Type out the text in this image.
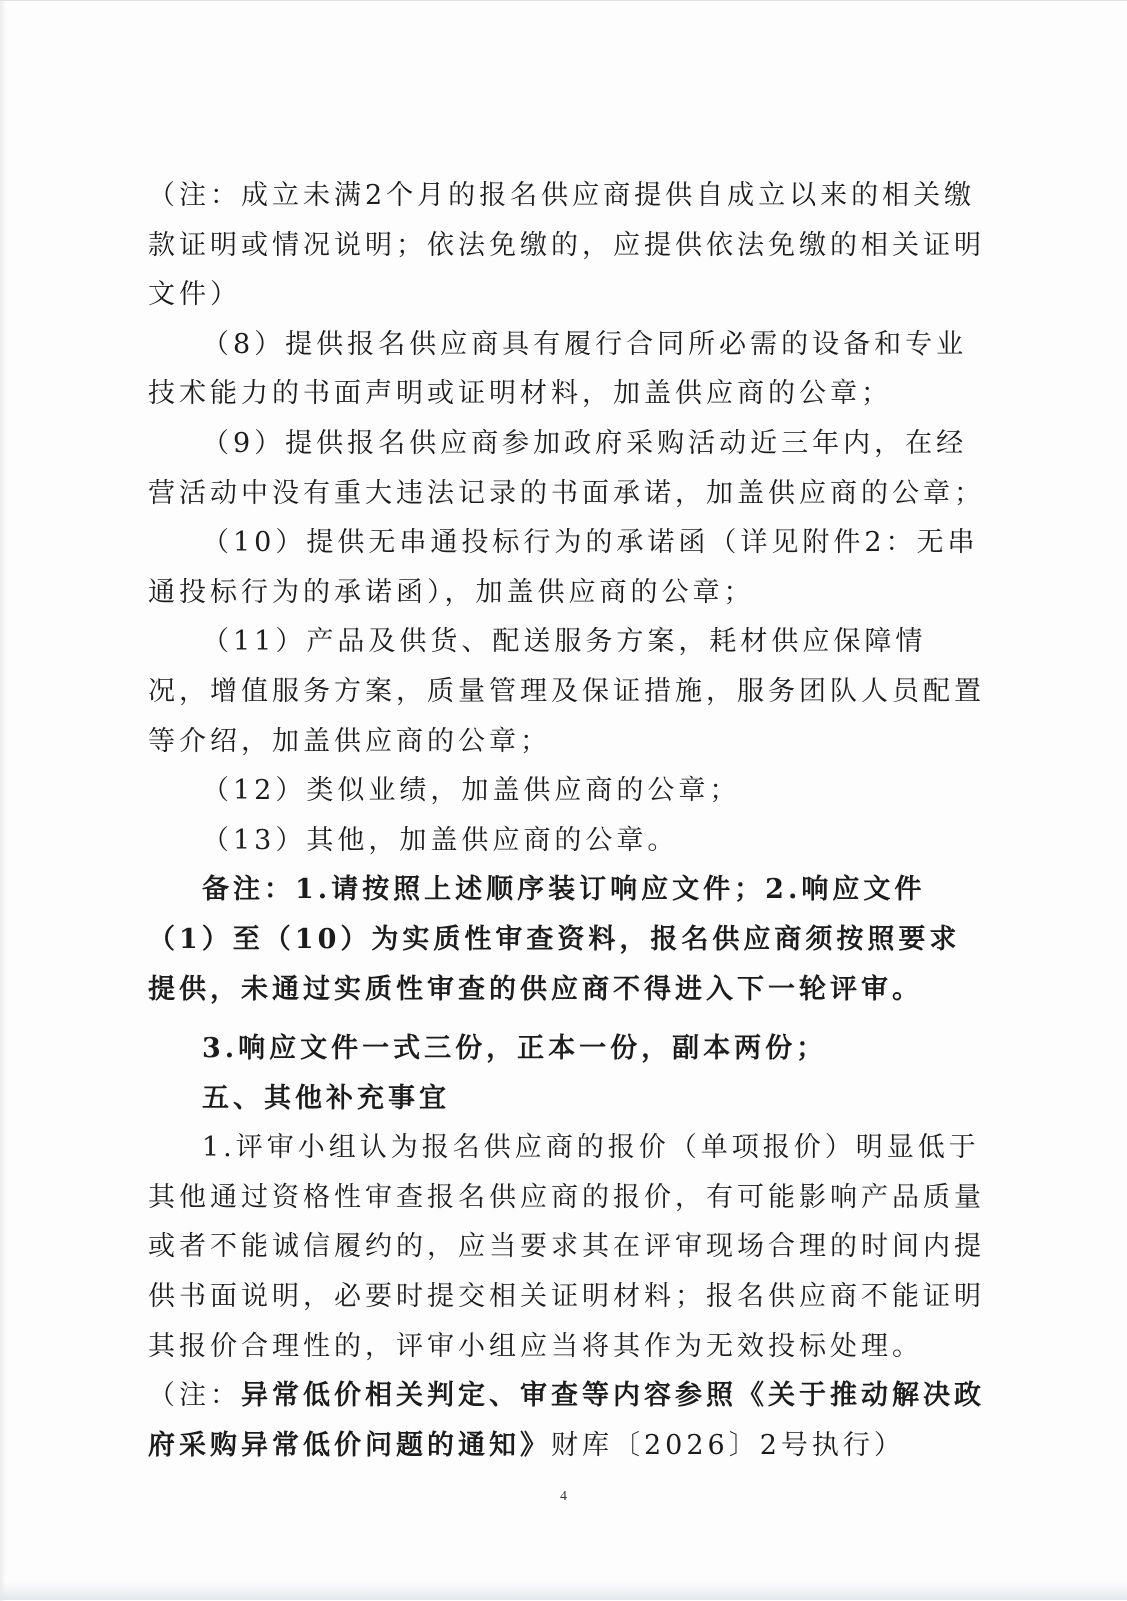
（注：成立未满2个月的报名供应商提供自成立以来的相关缴款证明或情况说明；依法免缴的，应提供依法免缴的相关证明文件）

（8）提供报名供应商具有履行合同所必需的设备和专业技术能力的书面声明或证明材料，加盖供应商的公章；

（9）提供报名供应商参加政府采购活动近三年内，在经营活动中没有重大违法记录的书面承诺，加盖供应商的公章；

（10）提供无串通投标行为的承诺函（详见附件2：无串通投标行为的承诺函），加盖供应商的公章；

（11）产品及供货、配送服务方案，耗材供应保障情况，增值服务方案，质量管理及保证措施，服务团队人员配置等介绍，加盖供应商的公章；

（12）类似业绩，加盖供应商的公章；

（13）其他，加盖供应商的公章。

备注：1.请按照上述顺序装订响应文件；2.响应文件（1）至（10）为实质性审查资料，报名供应商须按照要求提供，未通过实质性审查的供应商不得进入下一轮评审。

3.响应文件一式三份，正本一份，副本两份；

五、其他补充事宜

1.评审小组认为报名供应商的报价（单项报价）明显低于其他通过资格性审查报名供应商的报价，有可能影响产品质量或者不能诚信履约的，应当要求其在评审现场合理的时间内提供书面说明，必要时提交相关证明材料；报名供应商不能证明其报价合理性的，评审小组应当将其作为无效投标处理。（注：异常低价相关判定、审查等内容参照《关于推动解决政府采购异常低价问题的通知》财库〔2026〕2号执行）

4
